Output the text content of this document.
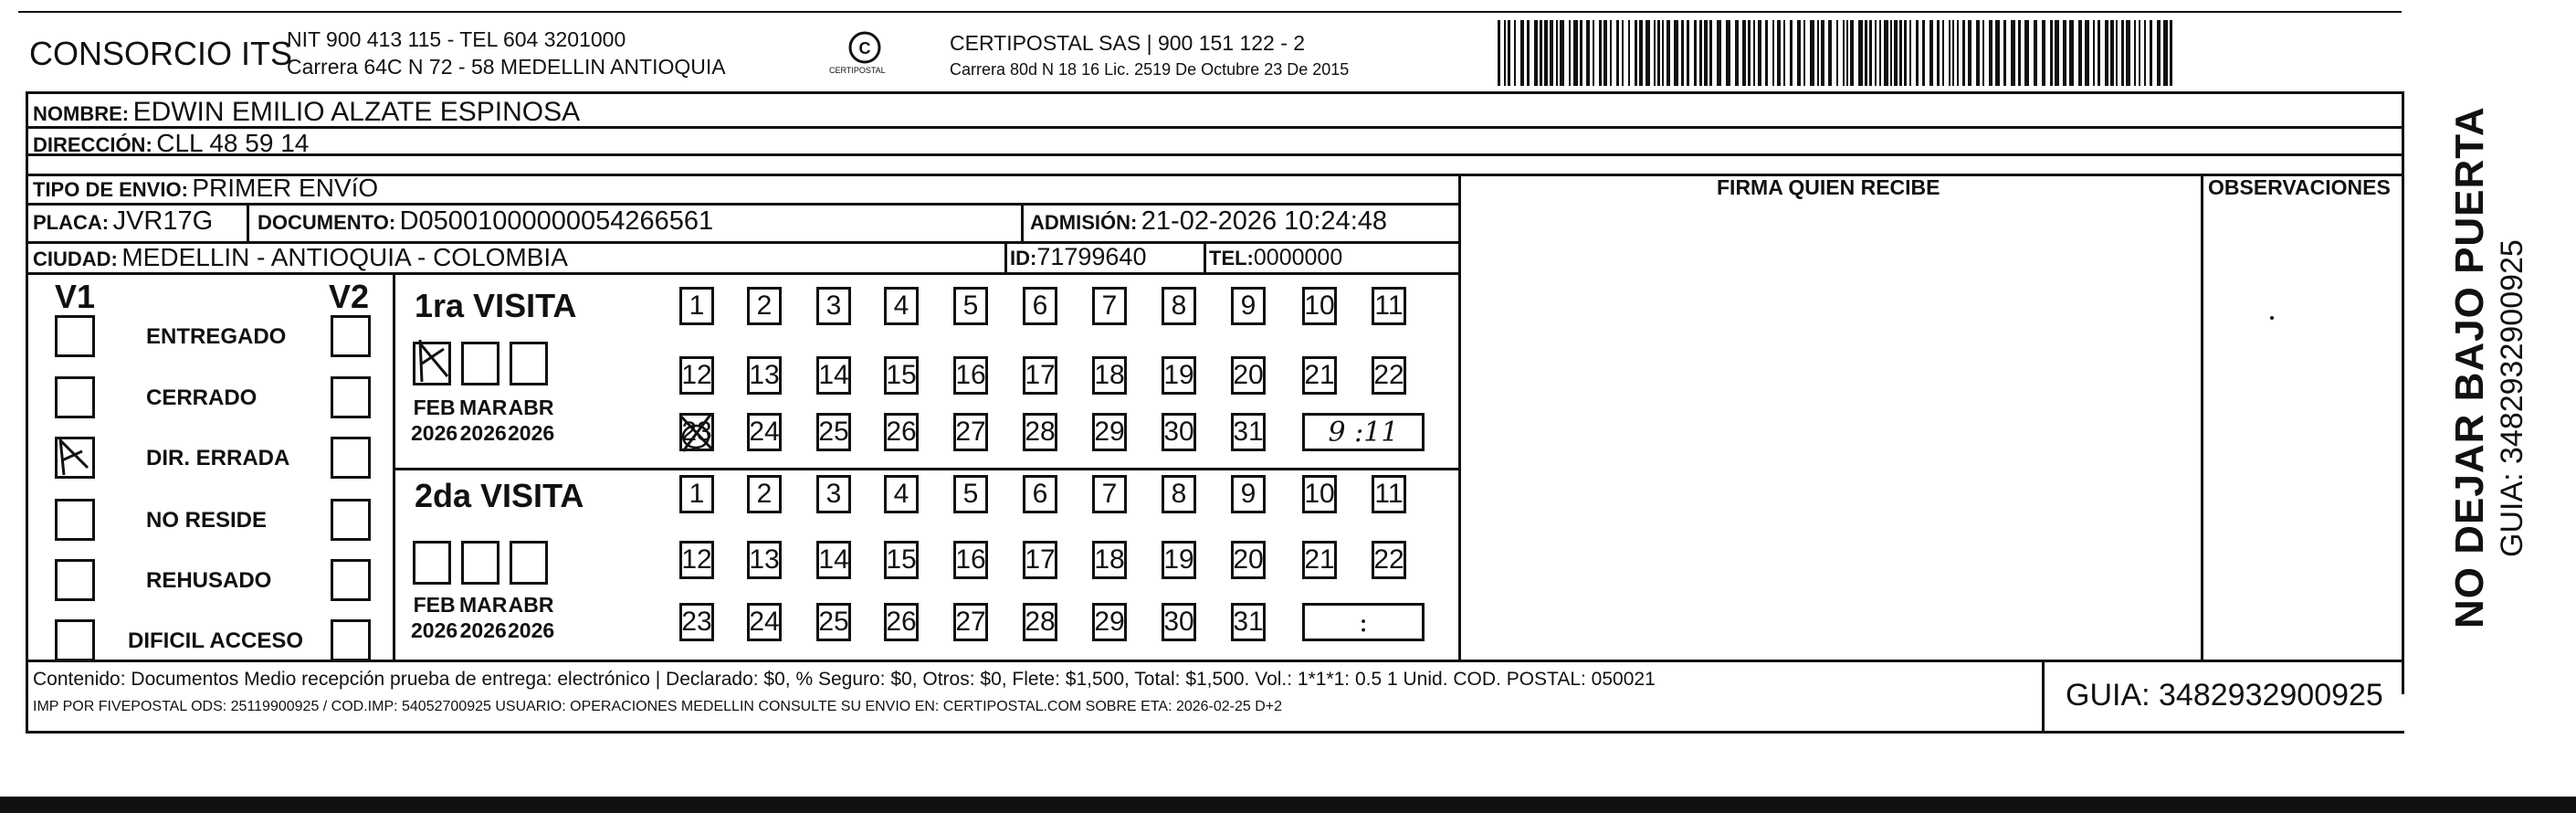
CONSORCIO ITS
NIT 900 413 115 - TEL 604 3201000
Carrera 64C N 72 - 58 MEDELLIN ANTIOQUIA
C
CERTIPOSTAL
CERTIPOSTAL SAS | 900 151 122 - 2
Carrera 80d N 18 16 Lic. 2519 De Octubre 23 De 2015
NOMBRE: EDWIN EMILIO ALZATE ESPINOSA
DIRECCIÓN: CLL 48 59 14
TIPO DE ENVIO: PRIMER ENVíO
PLACA: JVR17G DOCUMENTO: D05001000000054266561	ADMISIÓN: 21-02-2026 10:24:48
CIUDAD: MEDELLIN - ANTIOQUIA - COLOMBIA	ID:71799640	TEL:0000000
FIRMA QUIEN RECIBE	OBSERVACIONES
V1	V2
ENTREGADO
CERRADO
DIR. ERRADA
NO RESIDE
REHUSADO
DIFICIL ACCESO
1ra VISITA
2da VISITA
FEB
2026
MAR
2026
ABR
2026
1	2	3	4	5	6	7	8	9	10 11
12 13 14 15 16 17 18 19 20 21 22
23 24 25 26 27 28 29 30 31	9 :11
FEB
2026
MAR
2026
ABR
2026
1	2	3	4	5	6	7	8	9	10 11
12 13 14 15 16 17 18 19 20 21 22
23 24 25 26 27 28 29 30 31	:
Contenido: Documentos Medio recepción prueba de entrega: electrónico | Declarado: $0, % Seguro: $0, Otros: $0, Flete: $1,500, Total: $1,500. Vol.: 1*1*1: 0.5 1 Unid. COD. POSTAL: 050021
IMP POR FIVEPOSTAL ODS: 25119900925 / COD.IMP: 54052700925 USUARIO: OPERACIONES MEDELLIN CONSULTE SU ENVIO EN: CERTIPOSTAL.COM SOBRE ETA: 2026-02-25 D+2	GUIA: 3482932900925
NO DEJAR BAJO PUERTA GUIA: 3482932900925
